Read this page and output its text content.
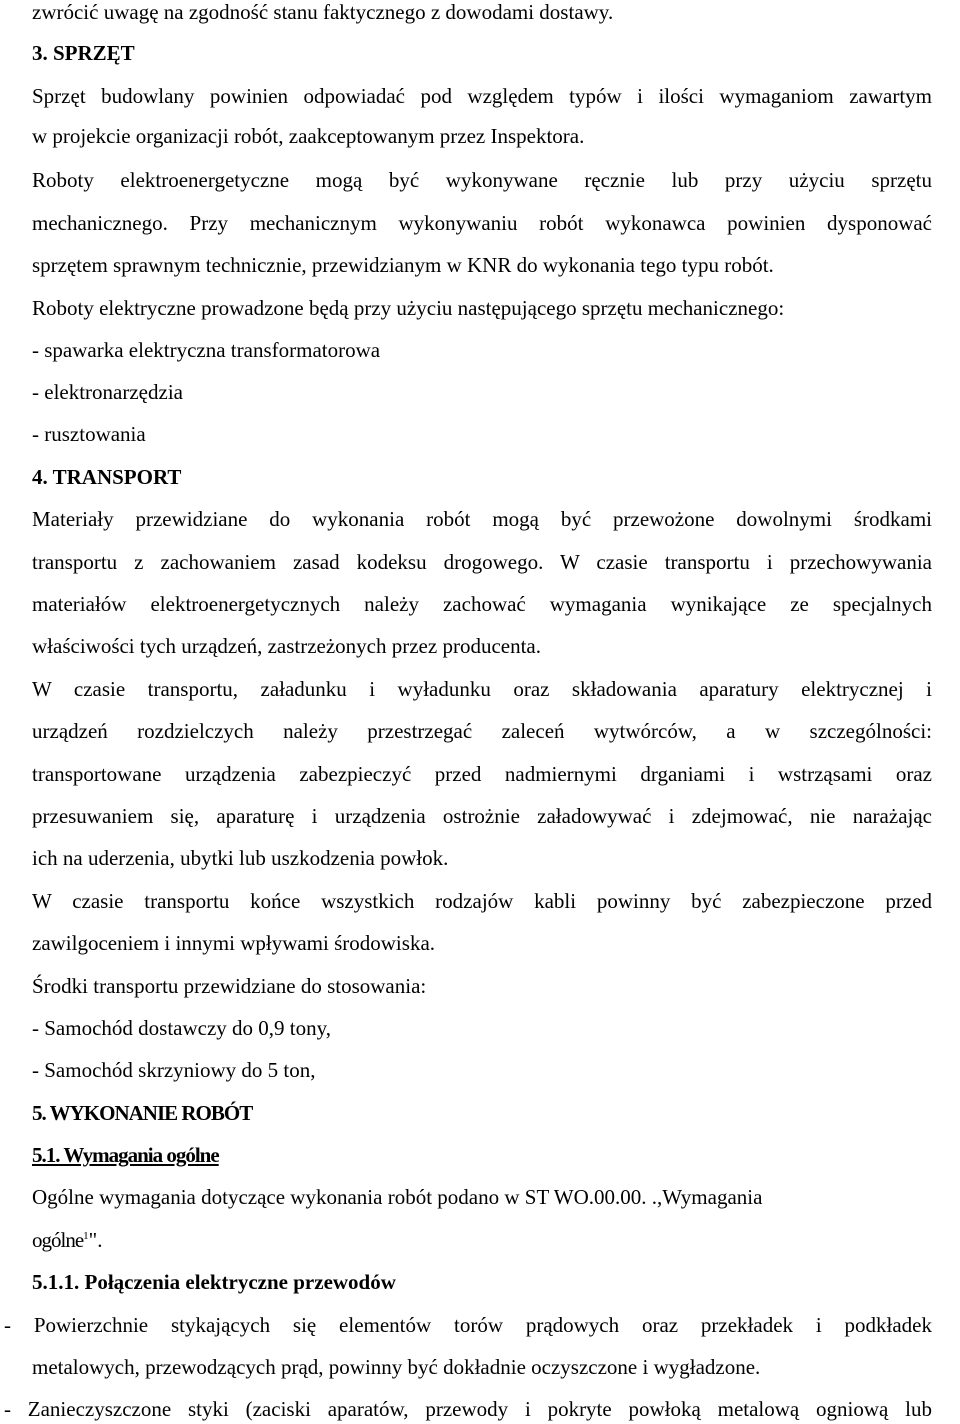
zwrócić uwagę na zgodność stanu faktycznego z dowodami dostawy.
3. SPRZĘT
Sprzęt budowlany powinien odpowiadać pod względem typów i ilości wymaganiom zawartym
w projekcie organizacji robót, zaakceptowanym przez Inspektora.
Roboty elektroenergetyczne mogą być wykonywane ręcznie lub przy użyciu sprzętu
mechanicznego. Przy mechanicznym wykonywaniu robót wykonawca powinien dysponować
sprzętem sprawnym technicznie, przewidzianym w KNR do wykonania tego typu robót.
Roboty elektryczne prowadzone będą przy użyciu następującego sprzętu mechanicznego:
- spawarka elektryczna transformatorowa
- elektronarzędzia
- rusztowania
4. TRANSPORT
Materiały przewidziane do wykonania robót mogą być przewożone dowolnymi środkami
transportu z zachowaniem zasad kodeksu drogowego. W czasie transportu i przechowywania
materiałów elektroenergetycznych należy zachować wymagania wynikające ze specjalnych
właściwości tych urządzeń, zastrzeżonych przez producenta.
W czasie transportu, załadunku i wyładunku oraz składowania aparatury elektrycznej i
urządzeń rozdzielczych należy przestrzegać zaleceń wytwórców, a w szczególności:
transportowane urządzenia zabezpieczyć przed nadmiernymi drganiami i wstrząsami oraz
przesuwaniem się, aparaturę i urządzenia ostrożnie załadowywać i zdejmować, nie narażając
ich na uderzenia, ubytki lub uszkodzenia powłok.
W czasie transportu końce wszystkich rodzajów kabli powinny być zabezpieczone przed
zawilgoceniem i innymi wpływami środowiska.
Środki transportu przewidziane do stosowania:
- Samochód dostawczy do 0,9 tony,
- Samochód skrzyniowy do 5 ton,
5. WYKONANIE ROBÓT
5.1. Wymagania ogólne
Ogólne wymagania dotyczące wykonania robót podano w ST WO.00.00. .,Wymagania
ogólne$^1$".
5.1.1. Połączenia elektryczne przewodów
- Powierzchnie stykających się elementów torów prądowych oraz przekładek i podkładek
metalowych, przewodzących prąd, powinny być dokładnie oczyszczone i wygładzone.
- Zanieczyszczone styki (zaciski aparatów, przewody i pokryte powłoką metalową ogniową lub
